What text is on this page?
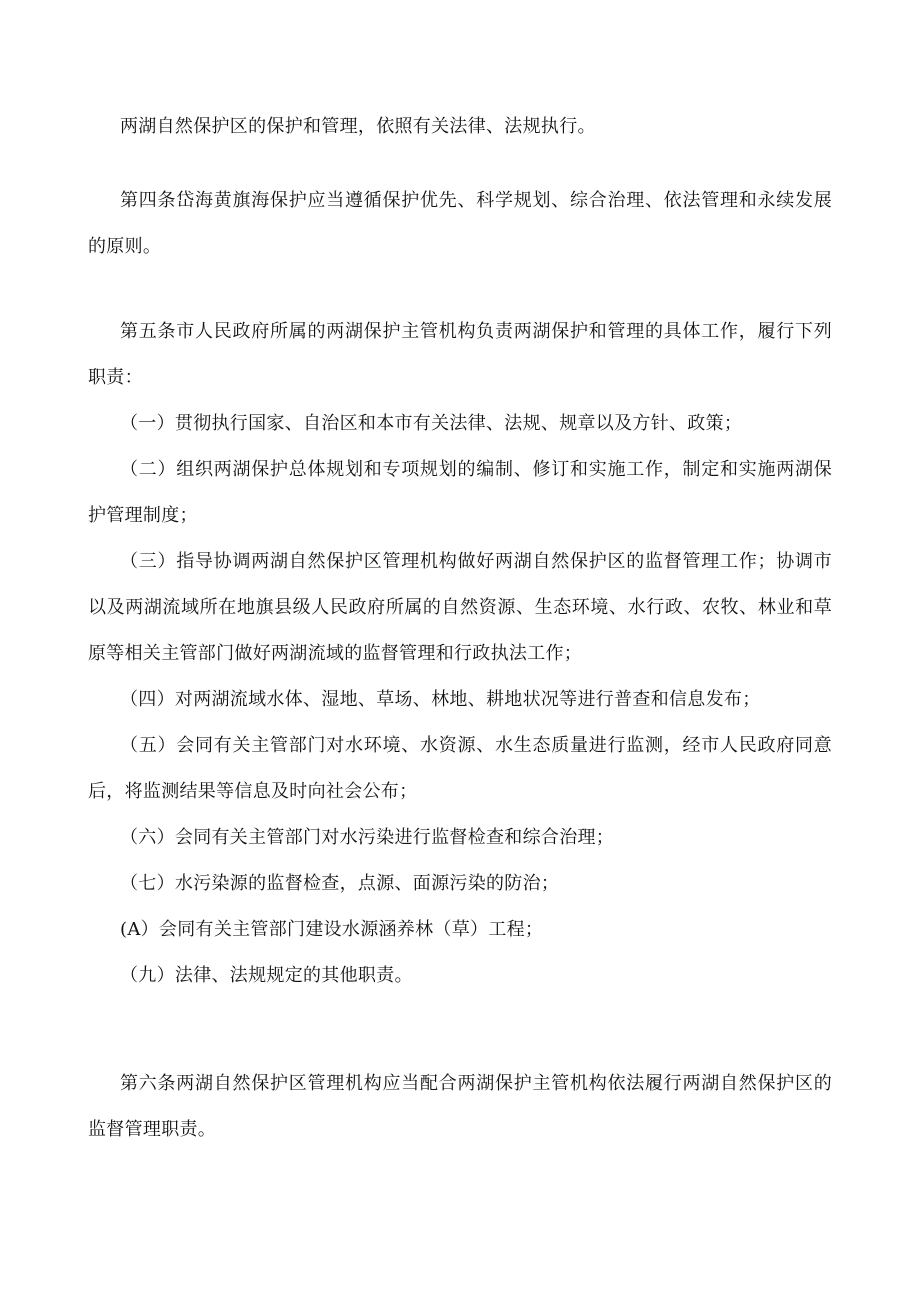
两湖自然保护区的保护和管理，依照有关法律、法规执行。

第四条岱海黄旗海保护应当遵循保护优先、科学规划、综合治理、依法管理和永续发展的原则。

第五条市人民政府所属的两湖保护主管机构负责两湖保护和管理的具体工作，履行下列职责：

（一）贯彻执行国家、自治区和本市有关法律、法规、规章以及方针、政策；

（二）组织两湖保护总体规划和专项规划的编制、修订和实施工作，制定和实施两湖保护管理制度；

（三）指导协调两湖自然保护区管理机构做好两湖自然保护区的监督管理工作；协调市以及两湖流域所在地旗县级人民政府所属的自然资源、生态环境、水行政、农牧、林业和草原等相关主管部门做好两湖流域的监督管理和行政执法工作；

（四）对两湖流域水体、湿地、草场、林地、耕地状况等进行普查和信息发布；

（五）会同有关主管部门对水环境、水资源、水生态质量进行监测，经市人民政府同意后，将监测结果等信息及时向社会公布；

（六）会同有关主管部门对水污染进行监督检查和综合治理；

（七）水污染源的监督检查，点源、面源污染的防治；

(A）会同有关主管部门建设水源涵养林（草）工程；

（九）法律、法规规定的其他职责。

第六条两湖自然保护区管理机构应当配合两湖保护主管机构依法履行两湖自然保护区的监督管理职责。
